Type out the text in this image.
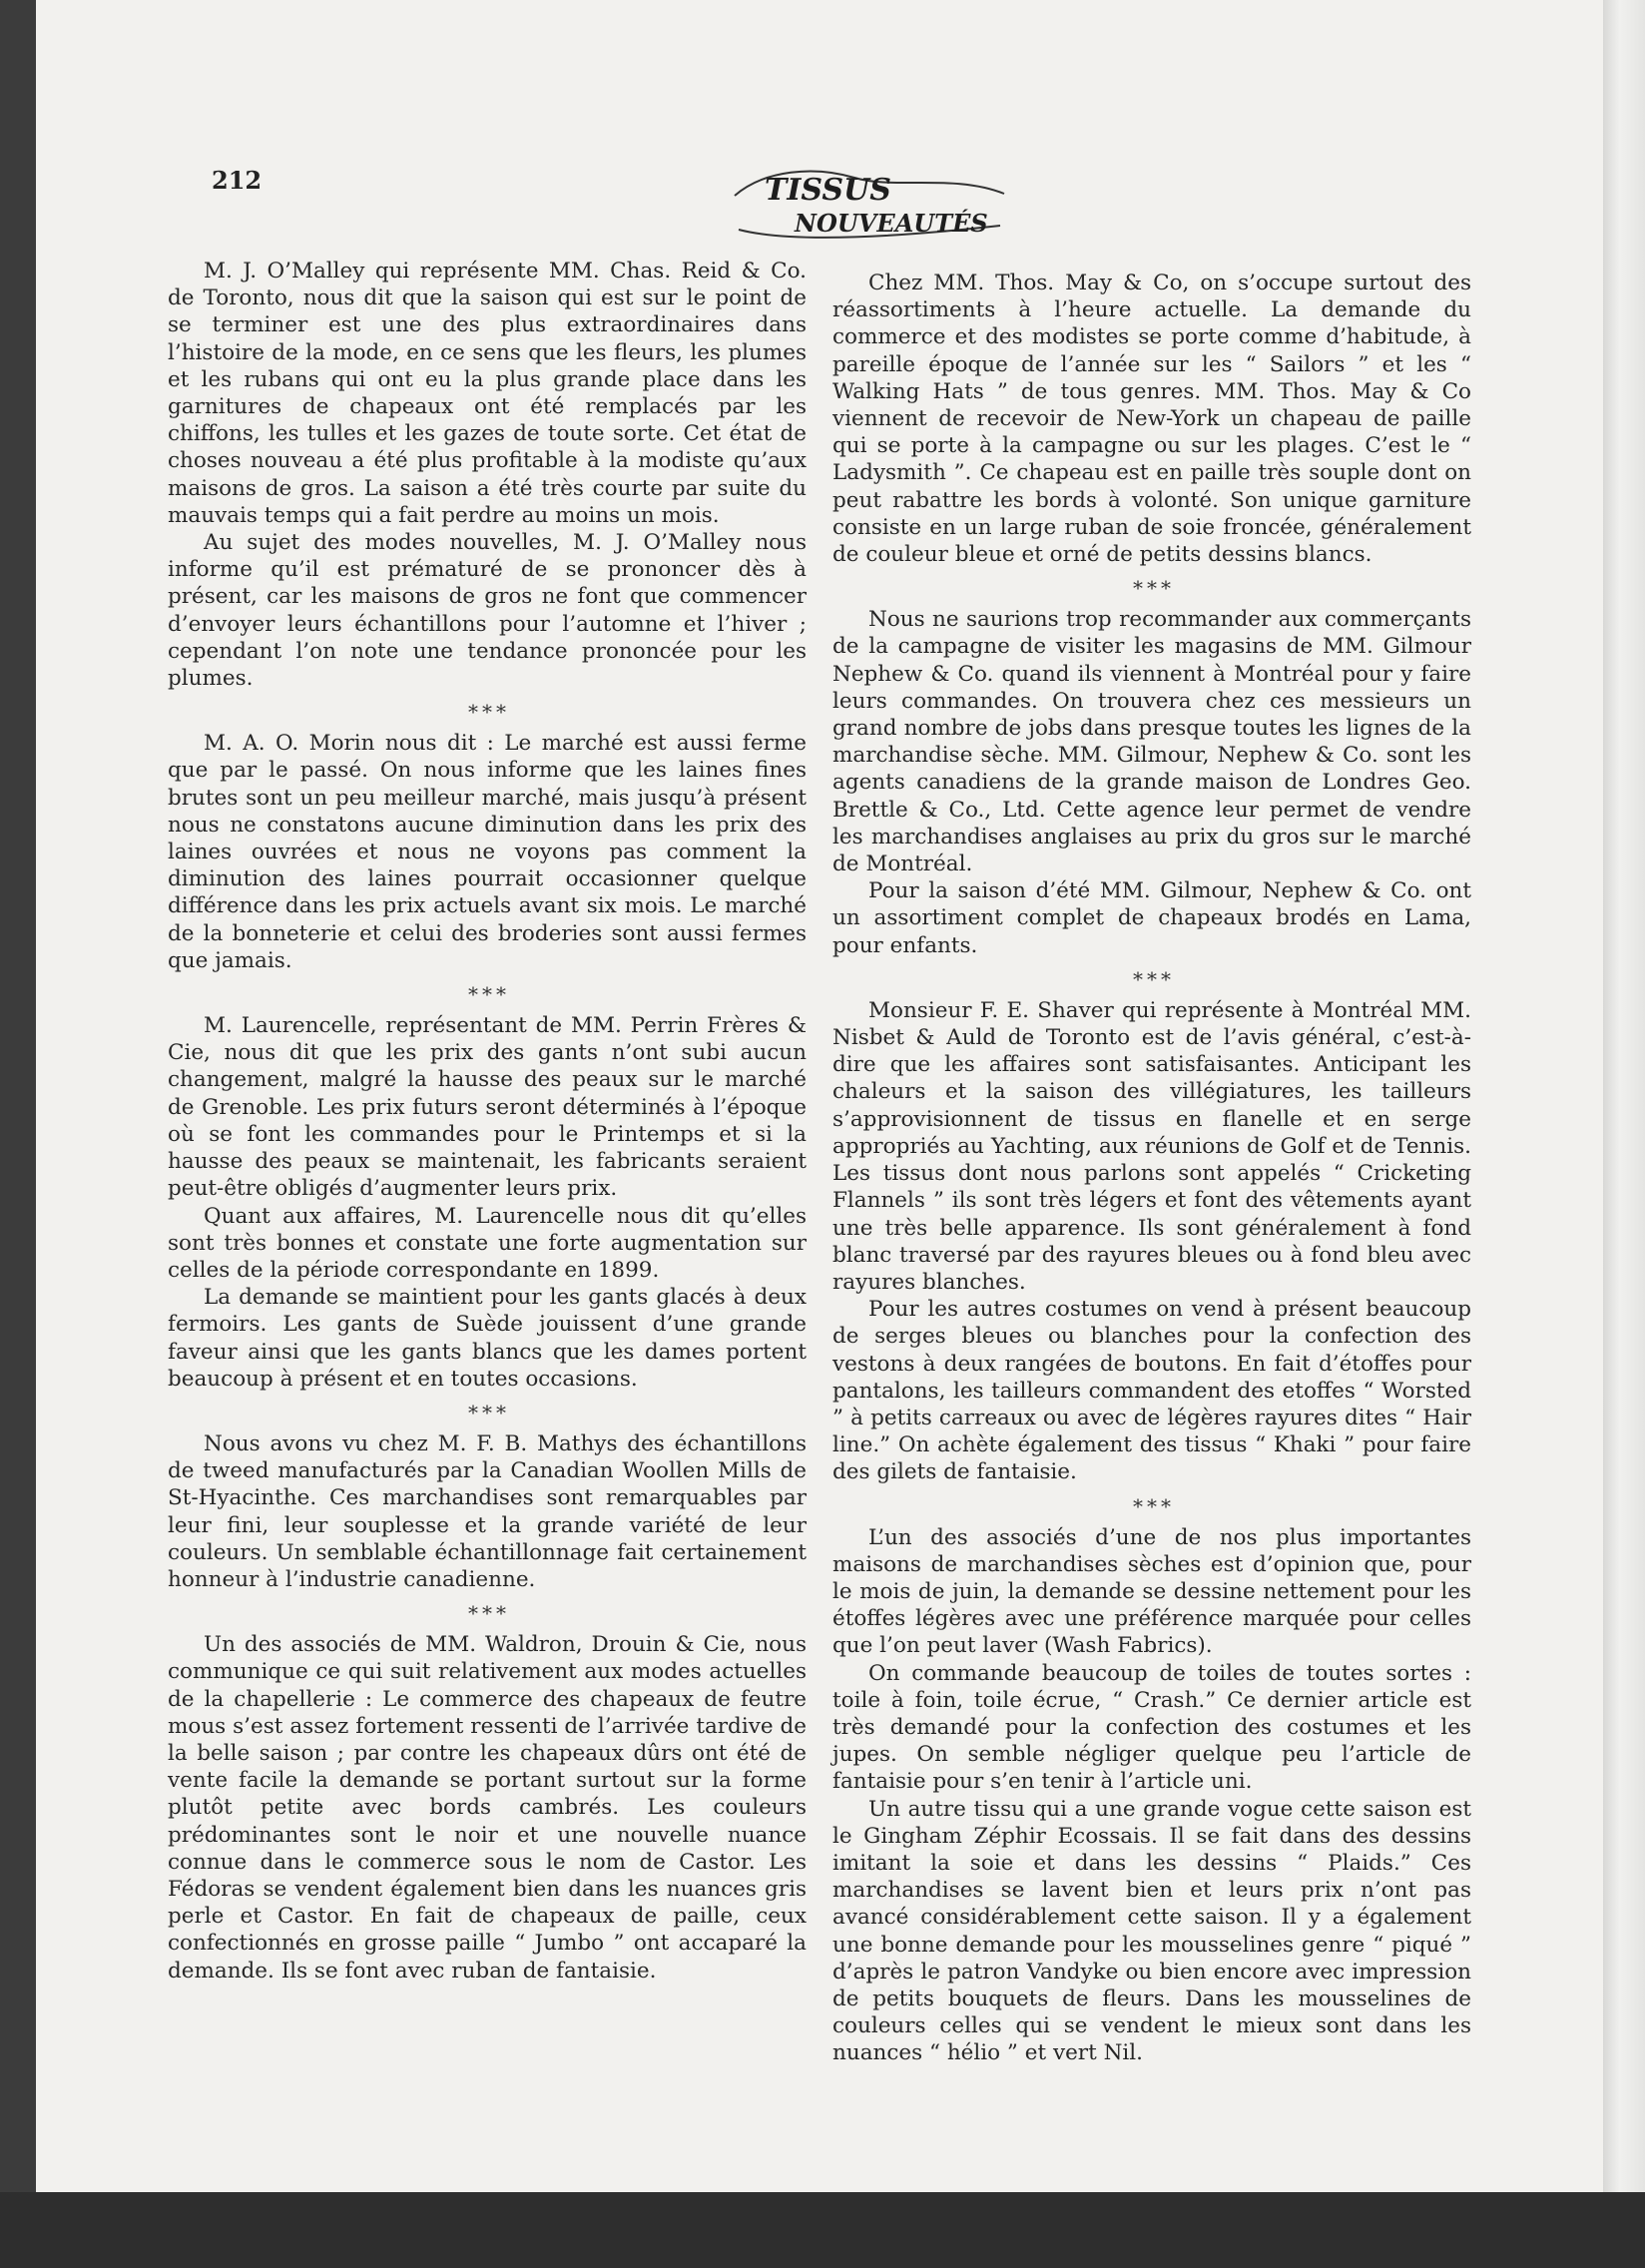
212	TISSUS
NOUVEAUTÉS

M. J. O’Malley qui représente MM. Chas. Reid & Co. de Toronto, nous dit que la saison qui est sur le point de se terminer est une des plus extraordinaires dans l’histoire de la mode, en ce sens que les fleurs, les plumes et les rubans qui ont eu la plus grande place dans les garnitures de chapeaux ont été remplacés par les chiffons, les tulles et les gazes de toute sorte. Cet état de choses nouveau a été plus profitable à la modiste qu’aux maisons de gros. La saison a été très courte par suite du mauvais temps qui a fait perdre au moins un mois.

Au sujet des modes nouvelles, M. J. O’Malley nous informe qu’il est prématuré de se prononcer dès à présent, car les maisons de gros ne font que commencer d’envoyer leurs échantillons pour l’automne et l’hiver ; cependant l’on note une tendance prononcée pour les plumes.

* * *

M. A. O. Morin nous dit : Le marché est aussi ferme que par le passé. On nous informe que les laines fines brutes sont un peu meilleur marché, mais jusqu’à présent nous ne constatons aucune diminution dans les prix des laines ouvrées et nous ne voyons pas comment la diminution des laines pourrait occasionner quelque différence dans les prix actuels avant six mois. Le marché de la bonneterie et celui des broderies sont aussi fermes que jamais.

* * *

M. Laurencelle, représentant de MM. Perrin Frères & Cie, nous dit que les prix des gants n’ont subi aucun changement, malgré la hausse des peaux sur le marché de Grenoble. Les prix futurs seront déterminés à l’époque où se font les commandes pour le Printemps et si la hausse des peaux se maintenait, les fabricants seraient peut-être obligés d’augmenter leurs prix.

Quant aux affaires, M. Laurencelle nous dit qu’elles sont très bonnes et constate une forte augmentation sur celles de la période correspondante en 1899.

La demande se maintient pour les gants glacés à deux fermoirs. Les gants de Suède jouissent d’une grande faveur ainsi que les gants blancs que les dames portent beaucoup à présent et en toutes occasions.

* * *

Nous avons vu chez M. F. B. Mathys des échantillons de tweed manufacturés par la Canadian Woollen Mills de St-Hyacinthe. Ces marchandises sont remarquables par leur fini, leur souplesse et la grande variété de leur couleurs. Un semblable échantillonnage fait certainement honneur à l’industrie canadienne.

* * *

Un des associés de MM. Waldron, Drouin & Cie, nous communique ce qui suit relativement aux modes actuelles de la chapellerie : Le commerce des chapeaux de feutre mous s’est assez fortement ressenti de l’arrivée tardive de la belle saison ; par contre les chapeaux dûrs ont été de vente facile la demande se portant surtout sur la forme plutôt petite avec bords cambrés. Les couleurs prédominantes sont le noir et une nouvelle nuance connue dans le commerce sous le nom de Castor. Les Fédoras se vendent également bien dans les nuances gris perle et Castor. En fait de chapeaux de paille, ceux confectionnés en grosse paille “ Jumbo ” ont accaparé la demande. Ils se font avec ruban de fantaisie.

Chez MM. Thos. May & Co, on s’occupe surtout des réassortiments à l’heure actuelle. La demande du commerce et des modistes se porte comme d’habitude, à pareille époque de l’année sur les “ Sailors ” et les “ Walking Hats ” de tous genres. MM. Thos. May & Co viennent de recevoir de New-York un chapeau de paille qui se porte à la campagne ou sur les plages. C’est le “ Ladysmith ”. Ce chapeau est en paille très souple dont on peut rabattre les bords à volonté. Son unique garniture consiste en un large ruban de soie froncée, généralement de couleur bleue et orné de petits dessins blancs.

* * *

Nous ne saurions trop recommander aux commerçants de la campagne de visiter les magasins de MM. Gilmour Nephew & Co. quand ils viennent à Montréal pour y faire leurs commandes. On trouvera chez ces messieurs un grand nombre de jobs dans presque toutes les lignes de la marchandise sèche. MM. Gilmour, Nephew & Co. sont les agents canadiens de la grande maison de Londres Geo. Brettle & Co., Ltd. Cette agence leur permet de vendre les marchandises anglaises au prix du gros sur le marché de Montréal.

Pour la saison d’été MM. Gilmour, Nephew & Co. ont un assortiment complet de chapeaux brodés en Lama, pour enfants.

* * *

Monsieur F. E. Shaver qui représente à Montréal MM. Nisbet & Auld de Toronto est de l’avis général, c’est-à-dire que les affaires sont satisfaisantes. Anticipant les chaleurs et la saison des villégiatures, les tailleurs s’approvisionnent de tissus en flanelle et en serge appropriés au Yachting, aux réunions de Golf et de Tennis. Les tissus dont nous parlons sont appelés “ Cricketing Flannels ” ils sont très légers et font des vêtements ayant une très belle apparence. Ils sont généralement à fond blanc traversé par des rayures bleues ou à fond bleu avec rayures blanches.

Pour les autres costumes on vend à présent beaucoup de serges bleues ou blanches pour la confection des vestons à deux rangées de boutons. En fait d’étoffes pour pantalons, les tailleurs commandent des etoffes “ Worsted ” à petits carreaux ou avec de légères rayures dites “ Hair line.” On achète également des tissus “ Khaki ” pour faire des gilets de fantaisie.

* * *

L’un des associés d’une de nos plus importantes maisons de marchandises sèches est d’opinion que, pour le mois de juin, la demande se dessine nettement pour les étoffes légères avec une préférence marquée pour celles que l’on peut laver (Wash Fabrics).

On commande beaucoup de toiles de toutes sortes : toile à foin, toile écrue, “ Crash.” Ce dernier article est très demandé pour la confection des costumes et les jupes. On semble négliger quelque peu l’article de fantaisie pour s’en tenir à l’article uni.

Un autre tissu qui a une grande vogue cette saison est le Gingham Zéphir Ecossais. Il se fait dans des dessins imitant la soie et dans les dessins “ Plaids.” Ces marchandises se lavent bien et leurs prix n’ont pas avancé considérablement cette saison. Il y a également une bonne demande pour les mousselines genre “ piqué ” d’après le patron Vandyke ou bien encore avec impression de petits bouquets de fleurs. Dans les mousselines de couleurs celles qui se vendent le mieux sont dans les nuances “ hélio ” et vert Nil.
